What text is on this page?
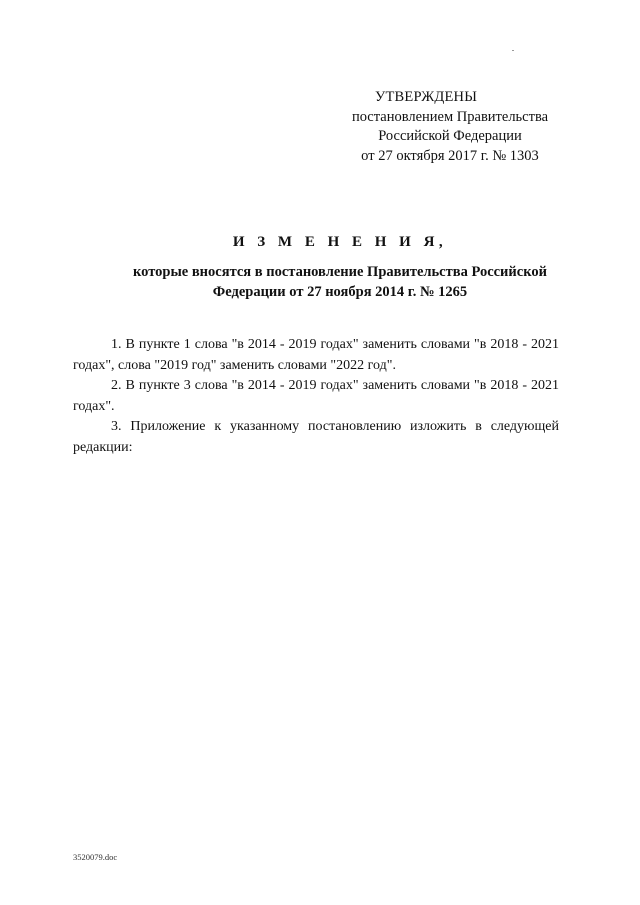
УТВЕРЖДЕНЫ
постановлением Правительства
Российской Федерации
от 27 октября 2017 г. № 1303
И З М Е Н Е Н И Я,
которые вносятся в постановление Правительства Российской
Федерации от 27 ноября 2014 г. № 1265

1. В пункте 1 слова "в 2014 - 2019 годах" заменить словами "в 2018 - 2021 годах", слова "2019 год" заменить словами "2022 год".

2. В пункте 3 слова "в 2014 - 2019 годах" заменить словами "в 2018 - 2021 годах".

3. Приложение к указанному постановлению изложить в следующей редакции:

3520079.doc
